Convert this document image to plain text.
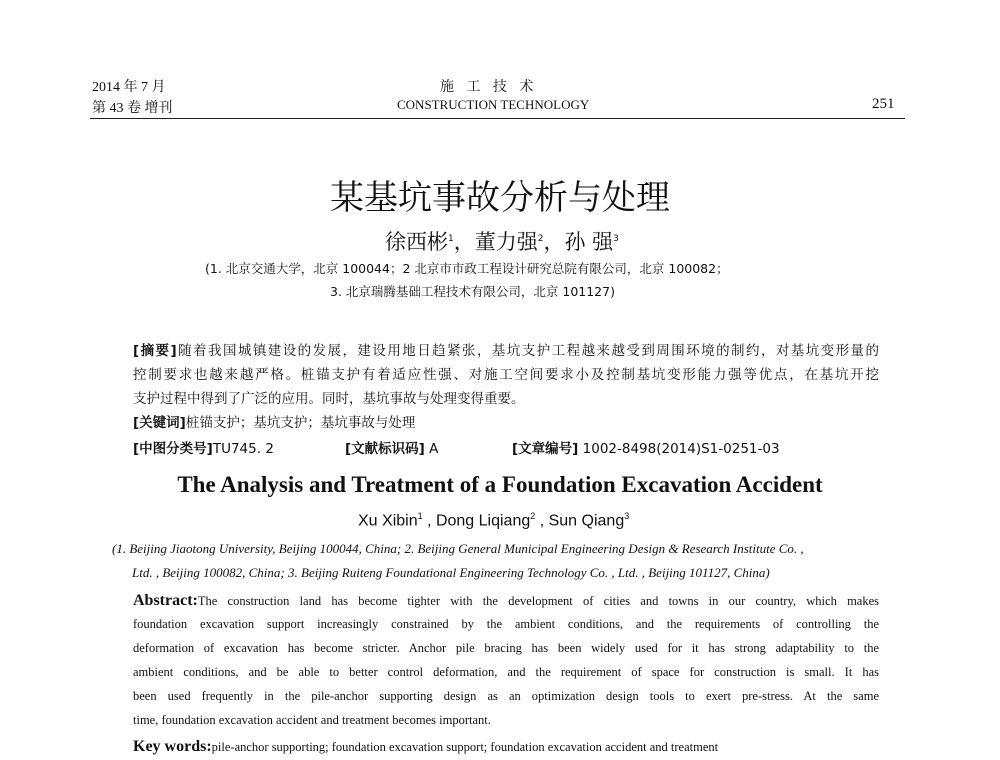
2014 年 7 月
第 43 卷 增刊
施 工 技 术
CONSTRUCTION TECHNOLOGY	251
某基坑事故分析与处理
徐西彬$^1$，董力强$^2$，孙 强$^3$
(1. 北京交通大学，北京 100044；2 北京市市政工程设计研究总院有限公司，北京 100082；
3. 北京瑞腾基础工程技术有限公司，北京 101127)
[摘要]随着我国城镇建设的发展，建设用地日趋紧张，基坑支护工程越来越受到周围环境的制约，对基坑变形量的
控制要求也越来越严格。桩锚支护有着适应性强、对施工空间要求小及控制基坑变形能力强等优点，在基坑开挖
支护过程中得到了广泛的应用。同时，基坑事故与处理变得重要。
[关键词]桩锚支护；基坑支护；基坑事故与处理
[中图分类号]TU745. 2	[文献标识码] A	[文章编号] 1002-8498(2014)S1-0251-03
The Analysis and Treatment of a Foundation Excavation Accident
Xu Xibin$^1$ , Dong Liqiang$^2$ , Sun Qiang$^3$
(1. Beijing Jiaotong University, Beijing 100044, China; 2. Beijing General Municipal Engineering Design & Research Institute Co. ,
Ltd. , Beijing 100082, China; 3. Beijing Ruiteng Foundational Engineering Technology Co. , Ltd. , Beijing 101127, China)
Abstract:The construction land has become tighter with the development of cities and towns in our country, which makes
foundation excavation support increasingly constrained by the ambient conditions, and the requirements of controlling the
deformation of excavation has become stricter. Anchor pile bracing has been widely used for it has strong adaptability to the
ambient conditions, and be able to better control deformation, and the requirement of space for construction is small. It has
been used frequently in the pile-anchor supporting design as an optimization design tools to exert pre-stress. At the same
time, foundation excavation accident and treatment becomes important.
Key words:pile-anchor supporting; foundation excavation support; foundation excavation accident and treatment
